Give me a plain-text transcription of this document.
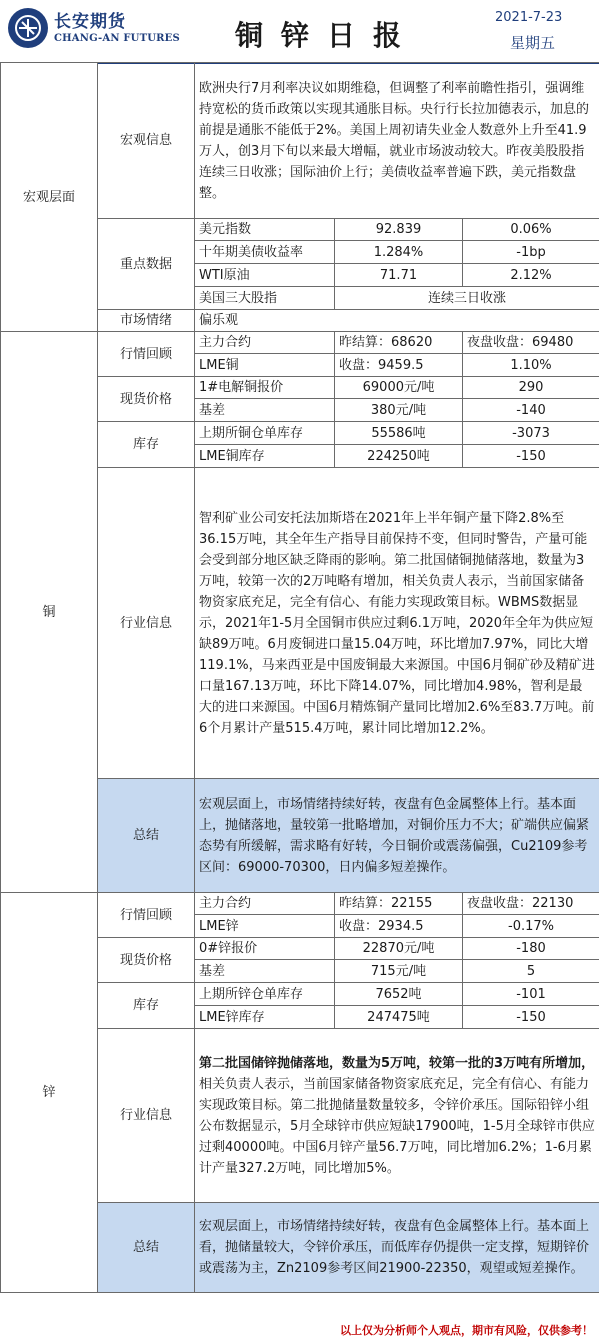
长安期货
CHANG-AN FUTURES 铜锌日报
2021-7-23
星期五
宏观层面	宏观信息	欧洲央行7月利率决议如期维稳，但调整了利率前瞻性指引，强调维持宽松的货币政策以实现其通胀目标。央行行长拉加德表示，加息的前提是通胀不能低于2%。美国上周初请失业金人数意外上升至41.9万人，创3月下旬以来最大增幅，就业市场波动较大。昨夜美股股指连续三日收涨；国际油价上行；美债收益率普遍下跌，美元指数盘整。		
	重点数据	美元指数	92.839	0.06%
		十年期美债收益率	1.284%	-1bp
		WTI原油	71.71	2.12%
		美国三大股指	连续三日收涨	
	市场情绪	偏乐观		

铜	行情回顾	主力合约	昨结算：68620	夜盘收盘：69480
		LME铜	收盘：9459.5	1.10%
	现货价格	1#电解铜报价	69000元/吨	290
		基差	380元/吨	-140
	库存	上期所铜仓单库存	55586吨	-3073
		LME铜库存	224250吨	-150
	行业信息	智利矿业公司安托法加斯塔在2021年上半年铜产量下降2.8%至36.15万吨，其全年生产指导目前保持不变，但同时警告，产量可能会受到部分地区缺乏降雨的影响。第二批国储铜抛储落地，数量为3万吨，较第一次的2万吨略有增加，相关负责人表示，当前国家储备物资家底充足，完全有信心、有能力实现政策目标。WBMS数据显示，2021年1-5月全国铜市供应过剩6.1万吨，2020年全年为供应短缺89万吨。6月废铜进口量15.04万吨，环比增加7.97%，同比大增119.1%，马来西亚是中国废铜最大来源国。中国6月铜矿砂及精矿进口量167.13万吨，环比下降14.07%，同比增加4.98%，智利是最大的进口来源国。中国6月精炼铜产量同比增加2.6%至83.7万吨。前6个月累计产量515.4万吨，累计同比增加12.2%。		
	总结	宏观层面上，市场情绪持续好转，夜盘有色金属整体上行。基本面上，抛储落地，量较第一批略增加，对铜价压力不大；矿端供应偏紧态势有所缓解，需求略有好转，今日铜价或震荡偏强，Cu2109参考区间：69000-70300，日内偏多短差操作。		

锌	行情回顾	主力合约	昨结算：22155	夜盘收盘：22130
		LME锌	收盘：2934.5	-0.17%
	现货价格	0#锌报价	22870元/吨	-180
		基差	715元/吨	5
	库存	上期所锌仓单库存	7652吨	-101
		LME锌库存	247475吨	-150
	行业信息	第二批国储锌抛储落地，数量为5万吨，较第一批的3万吨有所增加，相关负责人表示，当前国家储备物资家底充足，完全有信心、有能力实现政策目标。第二批抛储量数量较多，令锌价承压。国际铅锌小组公布数据显示，5月全球锌市供应短缺17900吨，1-5月全球锌市供应过剩40000吨。中国6月锌产量56.7万吨，同比增加6.2%；1-6月累计产量327.2万吨，同比增加5%。		
	总结	宏观层面上，市场情绪持续好转，夜盘有色金属整体上行。基本面上看，抛储量较大，令锌价承压，而低库存仍提供一定支撑，短期锌价或震荡为主，Zn2109参考区间21900-22350，观望或短差操作。		
以上仅为分析师个人观点，期市有风险，仅供参考！
